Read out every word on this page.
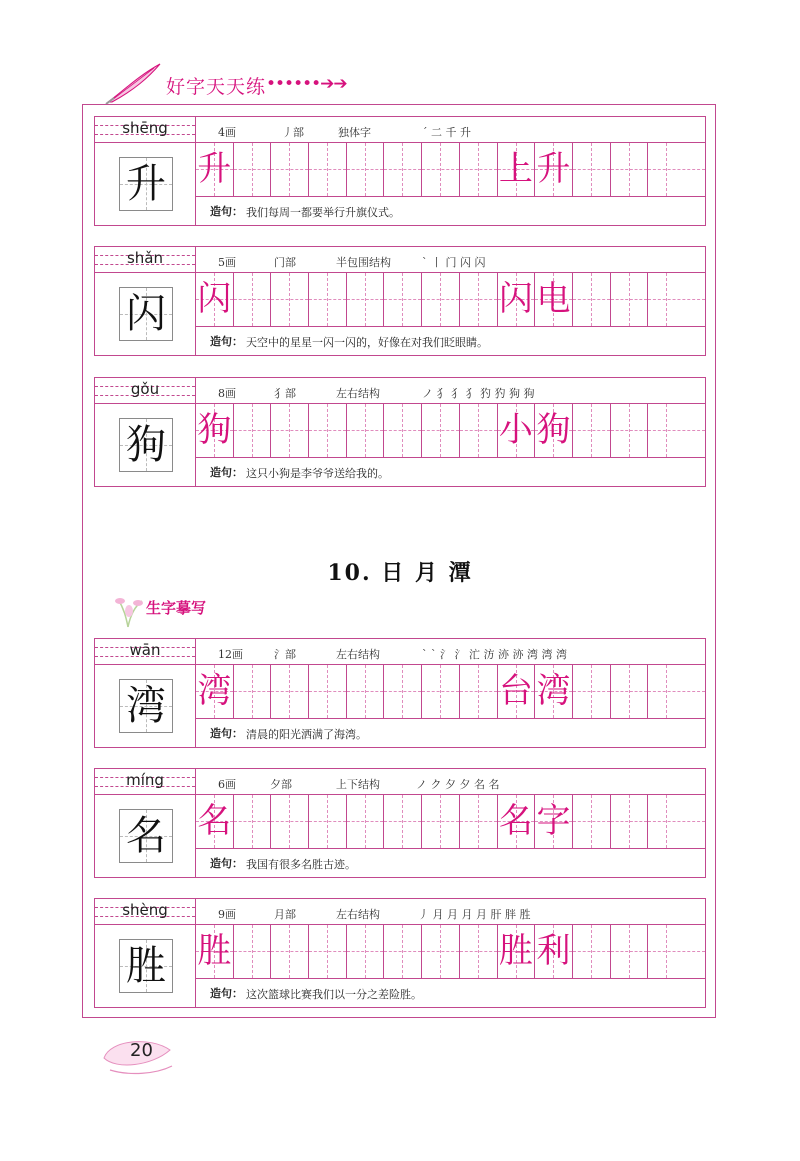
好字天天练 ••••••➔➔
shēng	4画	丿部	独体字	ˊ 二 千 升
升 升	上 升
造句： 我们每周一都要举行升旗仪式。
shǎn	5画	门部	半包围结构	ˋ 丨 门 闪 闪
闪 闪	闪 电
造句： 天空中的星星一闪一闪的，好像在对我们眨眼睛。
gǒu	8画	犭部	左右结构	ノ 犭 犭 犭 犳 犳 狗 狗
狗 狗	小 狗
造句： 这只小狗是李爷爷送给我的。
10. 日 月 潭
生字摹写
wān	12画	氵部	左右结构	ˋ ˋ 氵 氵 汒 汸 洂 洂 湾 湾 湾
湾 湾	台 湾
造句： 清晨的阳光洒满了海湾。
míng	6画	夕部	上下结构	ノ ク 夕 夕 名 名
名 名	名 字
造句： 我国有很多名胜古迹。
shèng	9画	月部	左右结构	丿 月 月 月 月 肝 胖 胜
胜 胜	胜 利
造句： 这次篮球比赛我们以一分之差险胜。
20
